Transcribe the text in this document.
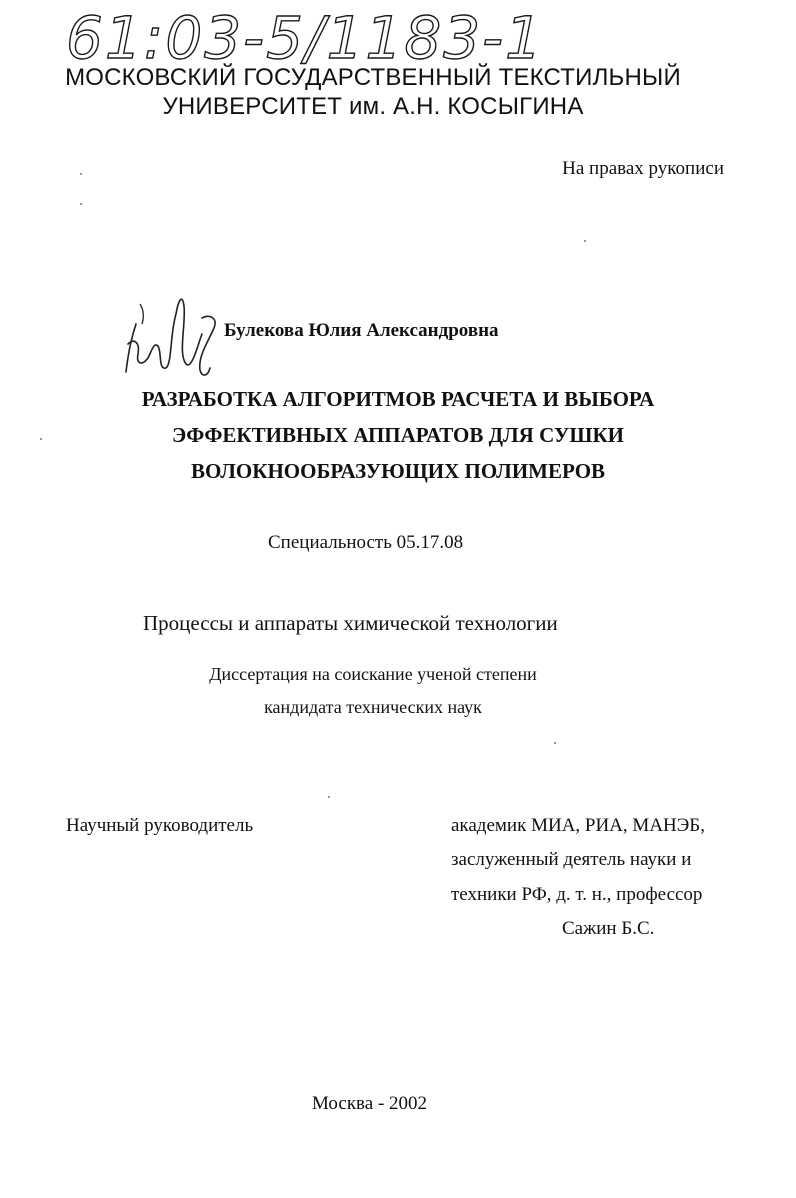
61:03-5/1183-1
МОСКОВСКИЙ ГОСУДАРСТВЕННЫЙ ТЕКСТИЛЬНЫЙ
УНИВЕРСИТЕТ им. А.Н. КОСЫГИНА
На правах рукописи
Булекова Юлия Александровна
РАЗРАБОТКА АЛГОРИТМОВ РАСЧЕТА И ВЫБОРА
ЭФФЕКТИВНЫХ АППАРАТОВ ДЛЯ СУШКИ
ВОЛОКНООБРАЗУЮЩИХ ПОЛИМЕРОВ
Специальность 05.17.08
Процессы и аппараты химической технологии
Диссертация на соискание ученой степени
кандидата технических наук
Научный руководитель	академик МИА, РИА, МАНЭБ,
заслуженный деятель науки и
техники РФ, д. т. н., профессор
Сажин Б.С.
Москва - 2002
